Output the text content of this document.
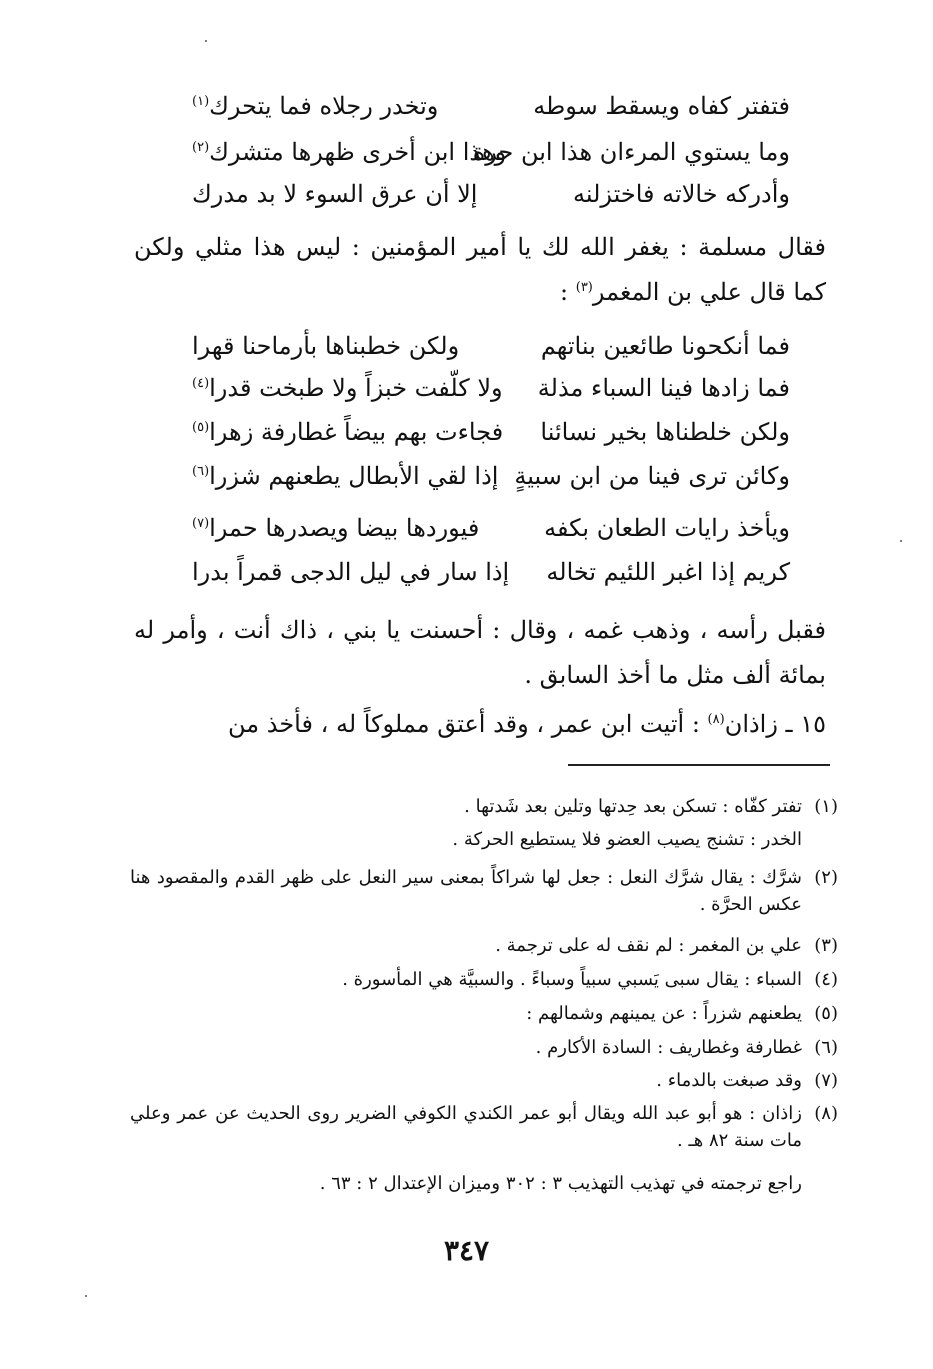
فتفتر كفاه ويسقط سوطه
وتخدر رجلاه فما يتحرك$^{(١)}$
وما يستوي المرءان هذا ابن حرة
وهذا ابن أخرى ظهرها متشرك$^{(٢)}$
وأدركه خالاته فاختزلنه
إلا أن عرق السوء لا بد مدرك
فقال مسلمة : يغفر الله لك يا أمير المؤمنين : ليس هذا مثلي ولكن كما قال علي بن المغمر$^{(٣)}$ :
فما أنكحونا طائعين بناتهم
ولكن خطبناها بأرماحنا قهرا
فما زادها فينا السباء مذلة
ولا كلّفت خبزاً ولا طبخت قدرا$^{(٤)}$
ولكن خلطناها بخير نسائنا
فجاءت بهم بيضاً غطارفة زهرا$^{(٥)}$
وكائن ترى فينا من ابن سبيةٍ
إذا لقي الأبطال يطعنهم شزرا$^{(٦)}$
ويأخذ رايات الطعان بكفه
فيوردها بيضا ويصدرها حمرا$^{(٧)}$
كريم إذا اغبر اللئيم تخاله
إذا سار في ليل الدجى قمراً بدرا
فقبل رأسه ، وذهب غمه ، وقال : أحسنت يا بني ، ذاك أنت ، وأمر له بمائة ألف مثل ما أخذ السابق .
١٥ ـ زاذان$^{(٨)}$ : أتيت ابن عمر ، وقد أعتق مملوكاً له ، فأخذ من
(١)
تفتر كفّاه : تسكن بعد حِدتها وتلين بعد شَدتها .
الخدر : تشنج يصيب العضو فلا يستطيع الحركة .
(٢)
شرَّك : يقال شرَّك النعل : جعل لها شراكاً بمعنى سير النعل على ظهر القدم والمقصود هنا عكس الحرَّة .
(٣)
علي بن المغمر : لم نقف له على ترجمة .
(٤)
السباء : يقال سبى يَسبي سبياً وسباءً . والسبيَّة هي المأسورة .
(٥)
يطعنهم شزراً : عن يمينهم وشمالهم :
(٦)
غطارفة وغطاريف : السادة الأكارم .
(٧)
وقد صبغت بالدماء .
(٨)
زاذان : هو أبو عبد الله ويقال أبو عمر الكندي الكوفي الضرير روى الحديث عن عمر وعلي مات سنة ٨٢ هـ .
راجع ترجمته في تهذيب التهذيب ٣ : ٣٠٢ وميزان الإعتدال ٢ : ٦٣ .
٣٤٧
